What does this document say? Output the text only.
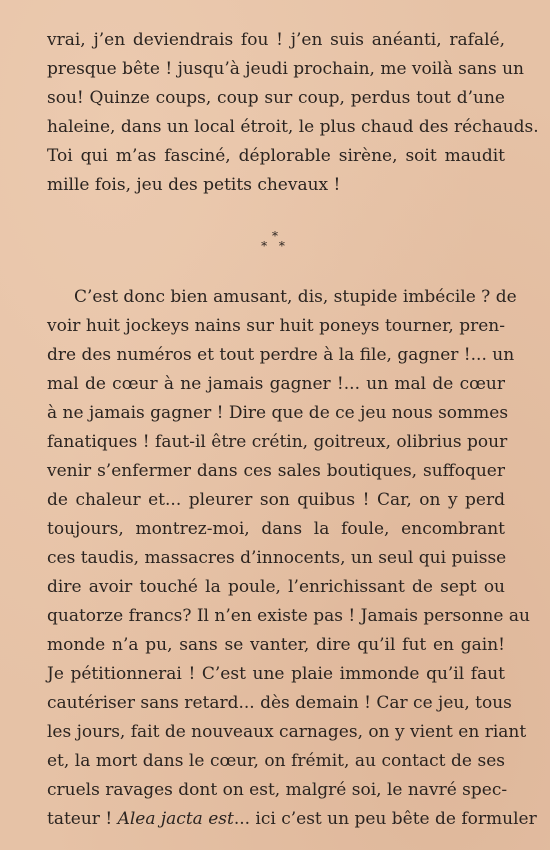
vrai, j’en deviendrais fou ! j’en suis anéanti, rafalé,
presque bête ! jusqu’à jeudi prochain, me voilà sans un
sou! Quinze coups, coup sur coup, perdus tout d’une
haleine, dans un local étroit, le plus chaud des réchauds.
Toi qui m’as fasciné, déplorable sirène, soit maudit
mille fois, jeu des petits chevaux !
*
* *
C’est donc bien amusant, dis, stupide imbécile ? de
voir huit jockeys nains sur huit poneys tourner, pren-
dre des numéros et tout perdre à la file, gagner !... un
mal de cœur à ne jamais gagner !... un mal de cœur
à ne jamais gagner ! Dire que de ce jeu nous sommes
fanatiques ! faut-il être crétin, goitreux, olibrius pour
venir s’enfermer dans ces sales boutiques, suffoquer
de chaleur et... pleurer son quibus ! Car, on y perd
toujours, montrez-moi, dans la foule, encombrant
ces taudis, massacres d’innocents, un seul qui puisse
dire avoir touché la poule, l’enrichissant de sept ou
quatorze francs? Il n’en existe pas ! Jamais personne au
monde n’a pu, sans se vanter, dire qu’il fut en gain!
Je pétitionnerai ! C’est une plaie immonde qu’il faut
cautériser sans retard... dès demain ! Car ce jeu, tous
les jours, fait de nouveaux carnages, on y vient en riant
et, la mort dans le cœur, on frémit, au contact de ses
cruels ravages dont on est, malgré soi, le navré spec-
tateur ! Alea jacta est... ici c’est un peu bête de formuler
